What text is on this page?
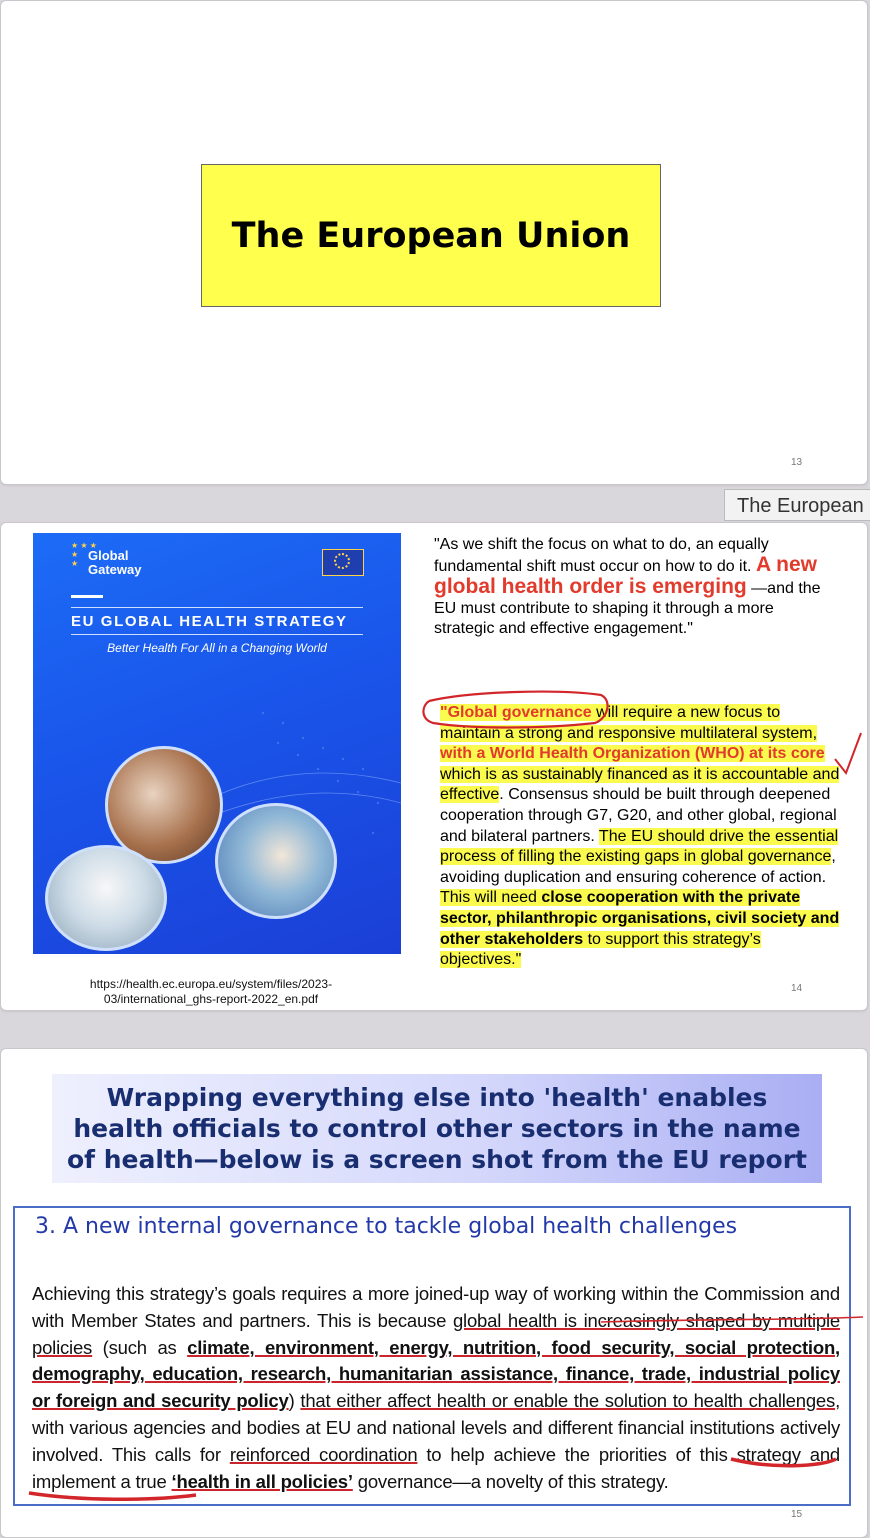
The European Union
13
The European
★ ★ ★
★
★
Global
Gateway
EU GLOBAL HEALTH STRATEGY
Better Health For All in a Changing World
https://health.ec.europa.eu/system/files/2023-03/international_ghs-report-2022_en.pdf
"As we shift the focus on what to do, an equally fundamental shift must occur on how to do it. A new global health order is emerging —and the EU must contribute to shaping it through a more strategic and effective engagement."
"Global governance will require a new focus to maintain a strong and responsive multilateral system, with a World Health Organization (WHO) at its core which is as sustainably financed as it is accountable and effective. Consensus should be built through deepened cooperation through G7, G20, and other global, regional and bilateral partners. The EU should drive the essential process of filling the existing gaps in global governance, avoiding duplication and ensuring coherence of action. This will need close cooperation with the private sector, philanthropic organisations, civil society and other stakeholders to support this strategy’s objectives."
14
Wrapping everything else into 'health' enables health officials to control other sectors in the name of health—below is a screen shot from the EU report
3. A new internal governance to tackle global health challenges
Achieving this strategy’s goals requires a more joined-up way of working within the Commission and with Member States and partners. This is because global health is increasingly shaped by multiple policies (such as climate, environment, energy, nutrition, food security, social protection, demography, education, research, humanitarian assistance, finance, trade, industrial policy or foreign and security policy) that either affect health or enable the solution to health challenges, with various agencies and bodies at EU and national levels and different financial institutions actively involved. This calls for reinforced coordination to help achieve the priorities of this strategy and implement a true ‘health in all policies’ governance—a novelty of this strategy.
15
